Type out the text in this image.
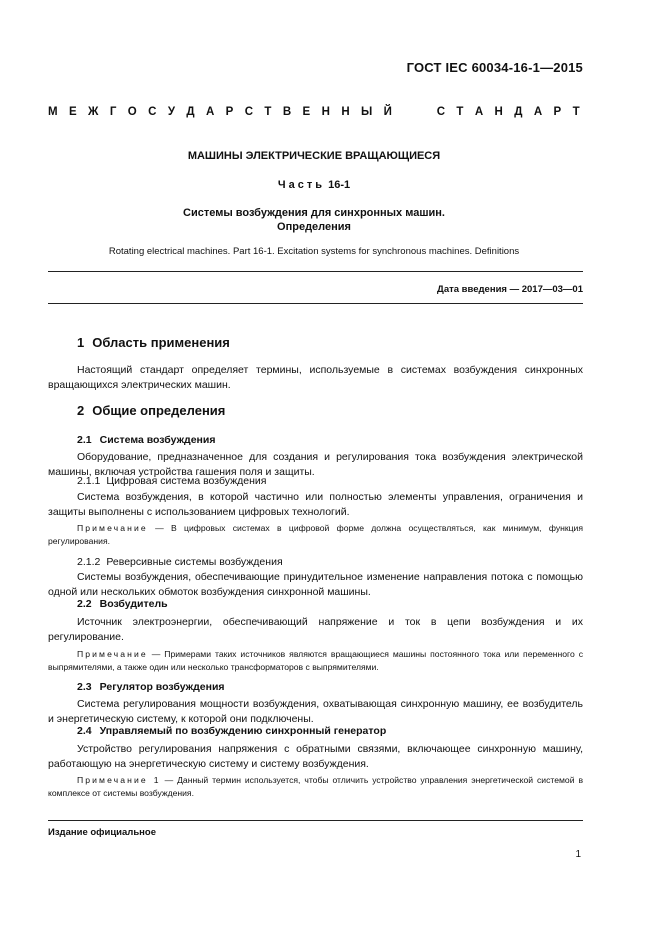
ГОСТ IEC 60034-16-1—2015
М Е Ж Г О С У Д А Р С Т В Е Н Н Ы Й	С Т А Н Д А Р Т
МАШИНЫ ЭЛЕКТРИЧЕСКИЕ ВРАЩАЮЩИЕСЯ
Часть 16-1
Системы возбуждения для синхронных машин.
Определения
Rotating electrical machines. Part 16-1. Excitation systems for synchronous machines. Definitions
Дата введения — 2017—03—01
1 Область применения
Настоящий стандарт определяет термины, используемые в системах возбуждения синхронных вращающихся электрических машин.
2 Общие определения
2.1 Система возбуждения
Оборудование, предназначенное для создания и регулирования тока возбуждения электрической машины, включая устройства гашения поля и защиты.
2.1.1 Цифровая система возбуждения
Система возбуждения, в которой частично или полностью элементы управления, ограничения и защиты выполнены с использованием цифровых технологий.
Примечание — В цифровых системах в цифровой форме должна осуществляться, как минимум, функция регулирования.
2.1.2 Реверсивные системы возбуждения
Системы возбуждения, обеспечивающие принудительное изменение направления потока с помощью одной или нескольких обмоток возбуждения синхронной машины.
2.2 Возбудитель
Источник электроэнергии, обеспечивающий напряжение и ток в цепи возбуждения и их регулирование.
Примечание — Примерами таких источников являются вращающиеся машины постоянного тока или переменного с выпрямителями, а также один или несколько трансформаторов с выпрямителями.
2.3 Регулятор возбуждения
Система регулирования мощности возбуждения, охватывающая синхронную машину, ее возбудитель и энергетическую систему, к которой они подключены.
2.4 Управляемый по возбуждению синхронный генератор
Устройство регулирования напряжения с обратными связями, включающее синхронную машину, работающую на энергетическую систему и систему возбуждения.
Примечание 1 — Данный термин используется, чтобы отличить устройство управления энергетической системой в комплексе от системы возбуждения.
Издание официальное
1
